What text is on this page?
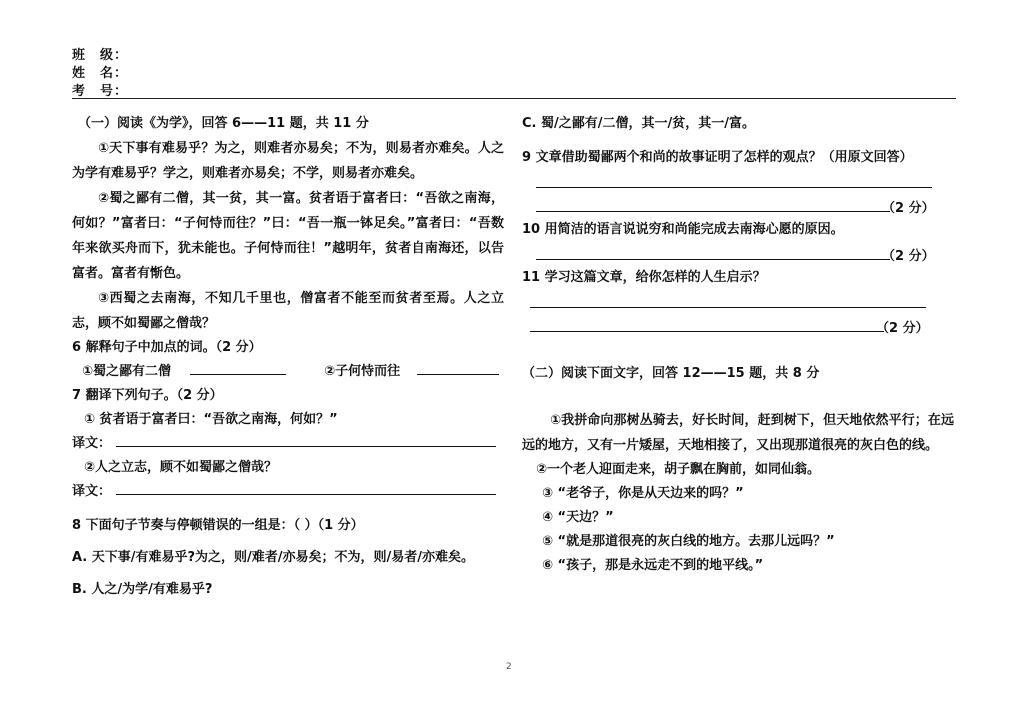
班　级：
姓　名：
考　号：
（一）阅读《为学》，回答 6——11 题，共 11 分
①天下事有难易乎？为之，则难者亦易矣；不为，则易者亦难矣。人之为学有难易乎？学之，则难者亦易矣；不学，则易者亦难矣。
②蜀之鄙有二僧，其一贫，其一富。贫者语于富者曰：“吾欲之南海，何如？”富者曰：“子何恃而往？”曰：“吾一瓶一钵足矣。”富者曰：“吾数年来欲买舟而下，犹未能也。子何恃而往！”越明年，贫者自南海还，以告富者。富者有惭色。
③西蜀之去南海，不知几千里也，僧富者不能至而贫者至焉。人之立志，顾不如蜀鄙之僧哉？
6 解释句子中加点的词。（2 分）
①蜀之鄙有二僧	②子何恃而往
7 翻译下列句子。（2 分）
① 贫者语于富者曰：“吾欲之南海，何如？”
译文：
②人之立志，顾不如蜀鄙之僧哉？
译文：
8 下面句子节奏与停顿错误的一组是：（ ）（1 分）
A. 天下事/有难易乎?为之，则/难者/亦易矣；不为，则/易者/亦难矣。
B. 人之/为学/有难易乎?
C. 蜀/之鄙有/二僧，其一/贫，其一/富。
9 文章借助蜀鄙两个和尚的故事证明了怎样的观点？（用原文回答）
（2 分）
10 用简洁的语言说说穷和尚能完成去南海心愿的原因。
（2 分）
11 学习这篇文章，给你怎样的人生启示？
（2 分）
（二）阅读下面文字，回答 12——15 题，共 8 分
①我拼命向那树丛骑去，好长时间，赶到树下，但天地依然平行；在远远的地方，又有一片矮屋，天地相接了，又出现那道很亮的灰白色的线。
②一个老人迎面走来，胡子飘在胸前，如同仙翁。
③ “老爷子，你是从天边来的吗？”
④ “天边？”
⑤ “就是那道很亮的灰白线的地方。去那儿远吗？”
⑥ “孩子，那是永远走不到的地平线。”
2
